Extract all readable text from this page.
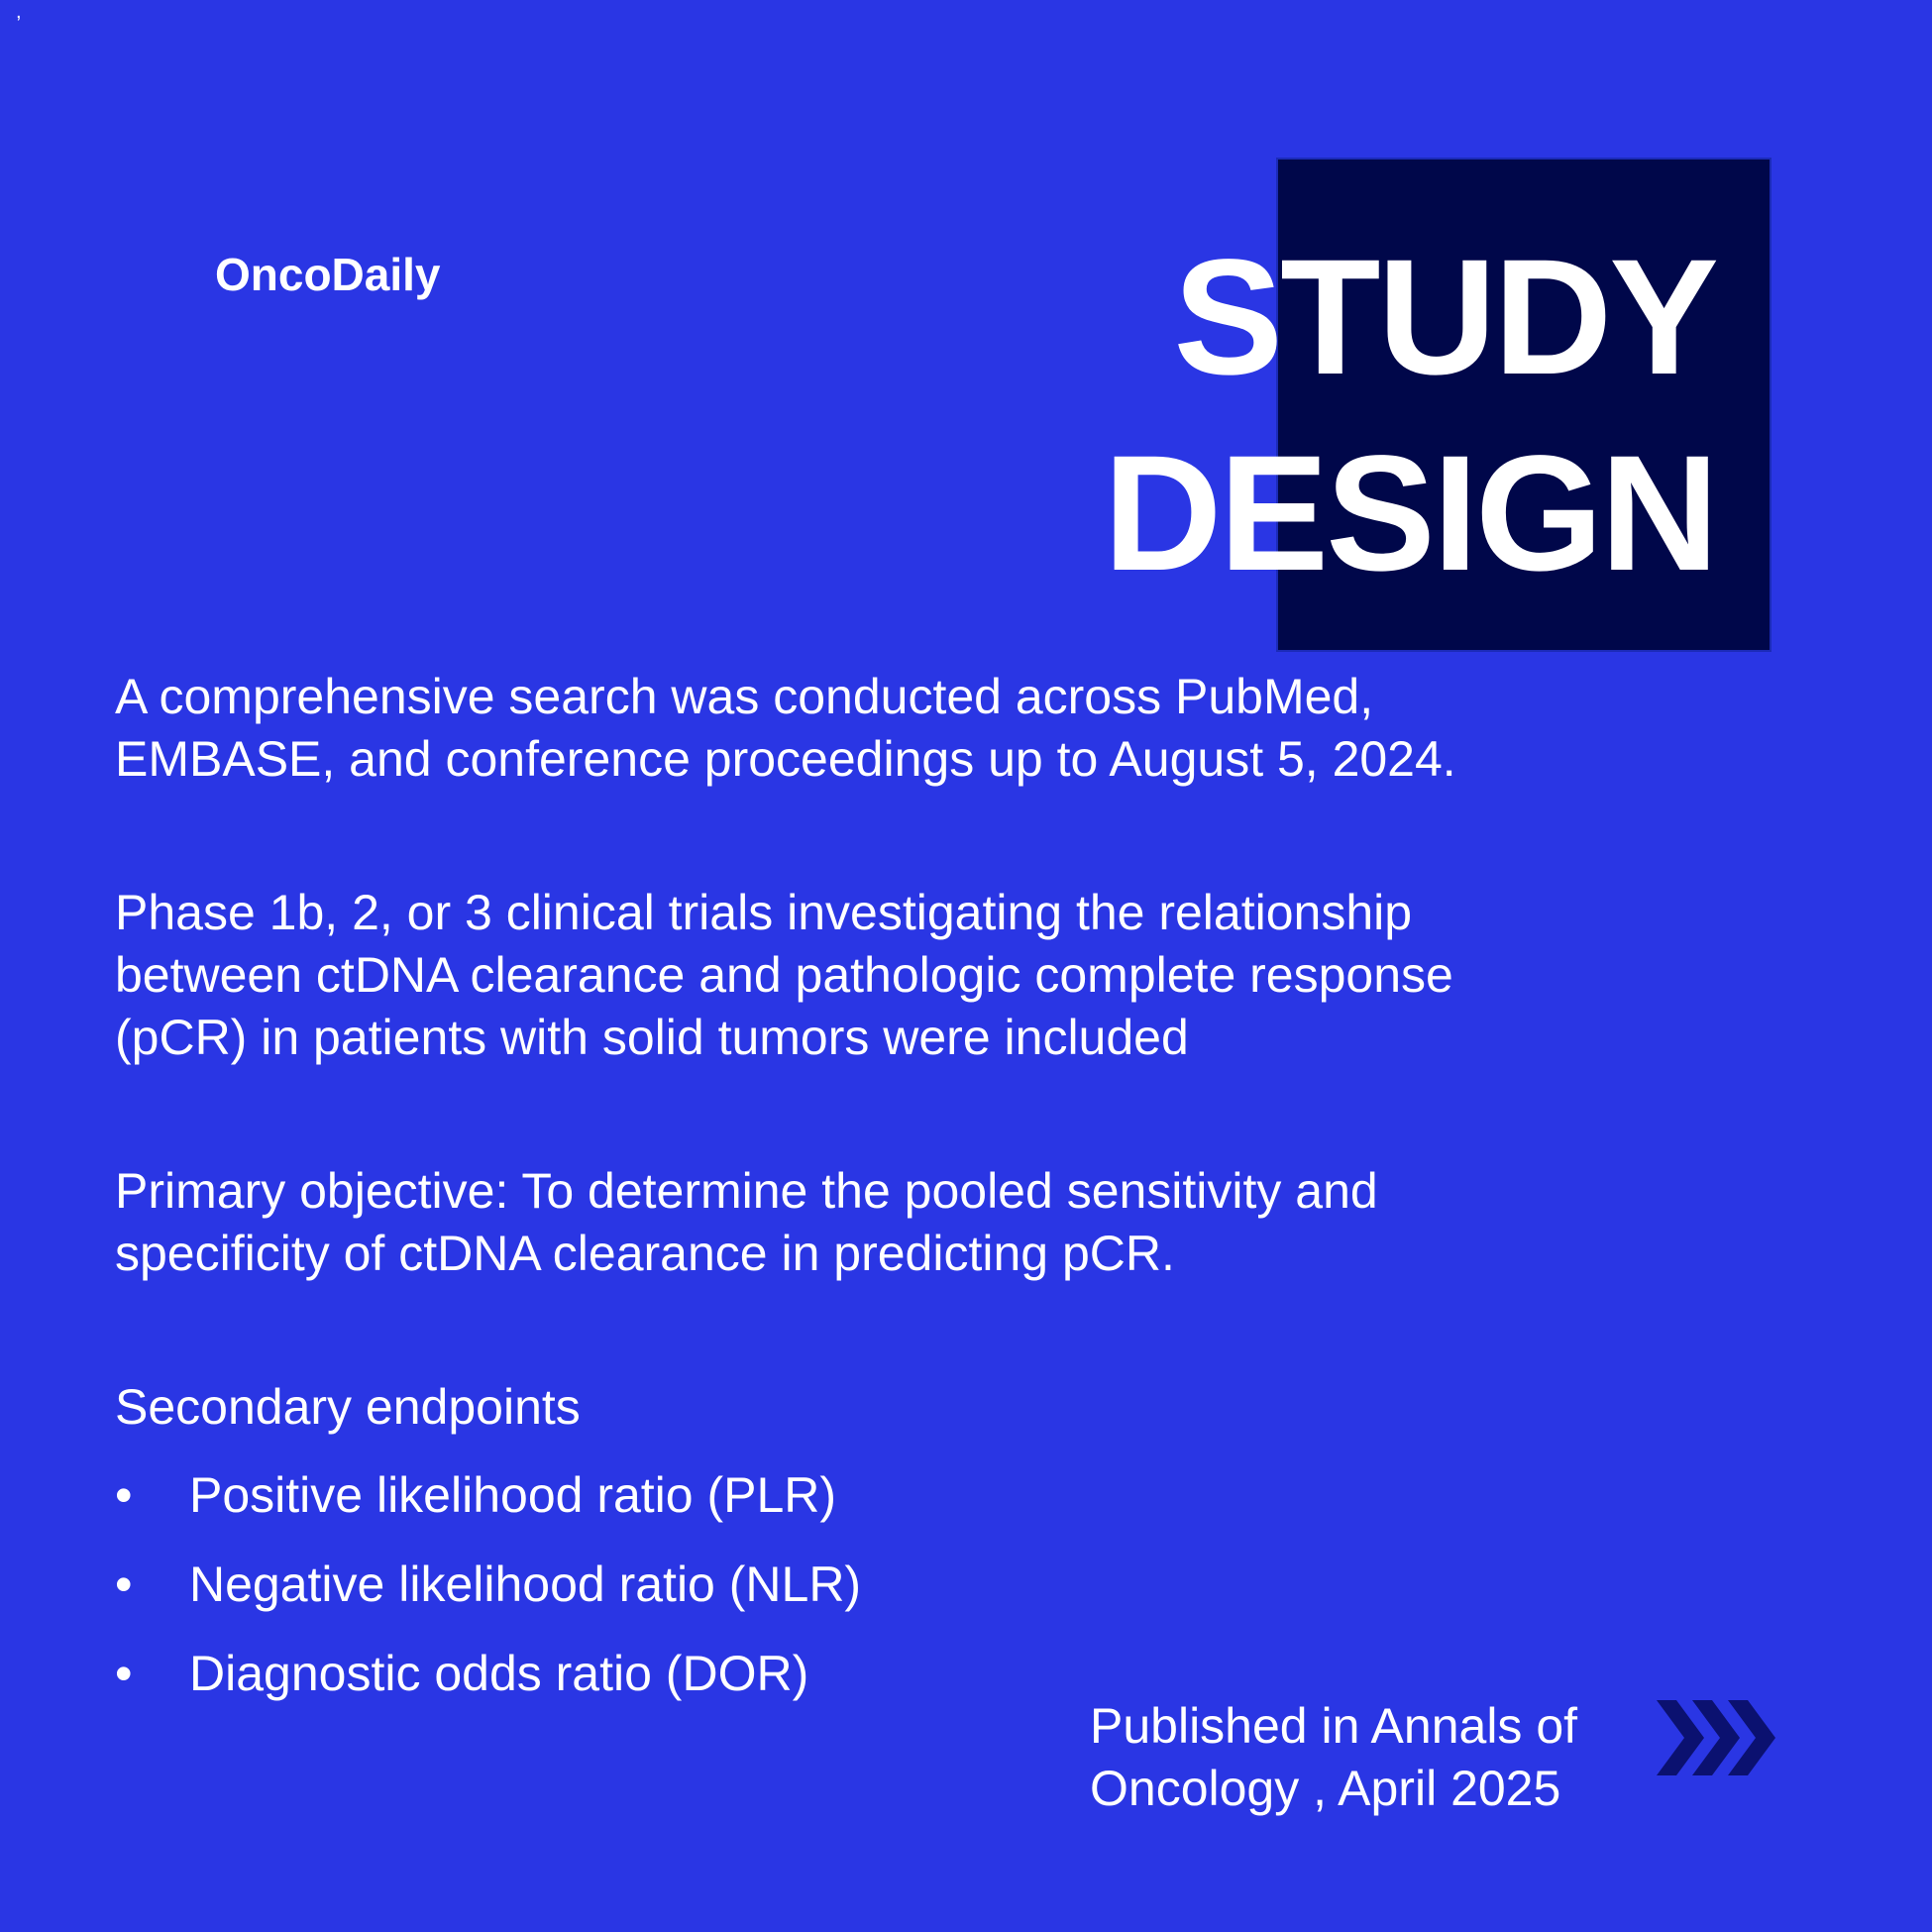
,
OncoDaily	STUDY
DESIGN

A comprehensive search was conducted across PubMed,
EMBASE, and conference proceedings up to August 5, 2024.

Phase 1b, 2, or 3 clinical trials investigating the relationship
between ctDNA clearance and pathologic complete response
(pCR) in patients with solid tumors were included

Primary objective: To determine the pooled sensitivity and
specificity of ctDNA clearance in predicting pCR.

Secondary endpoints

• Positive likelihood ratio (PLR)
• Negative likelihood ratio (NLR)
• Diagnostic odds ratio (DOR)
Published in Annals of
Oncology , April 2025
